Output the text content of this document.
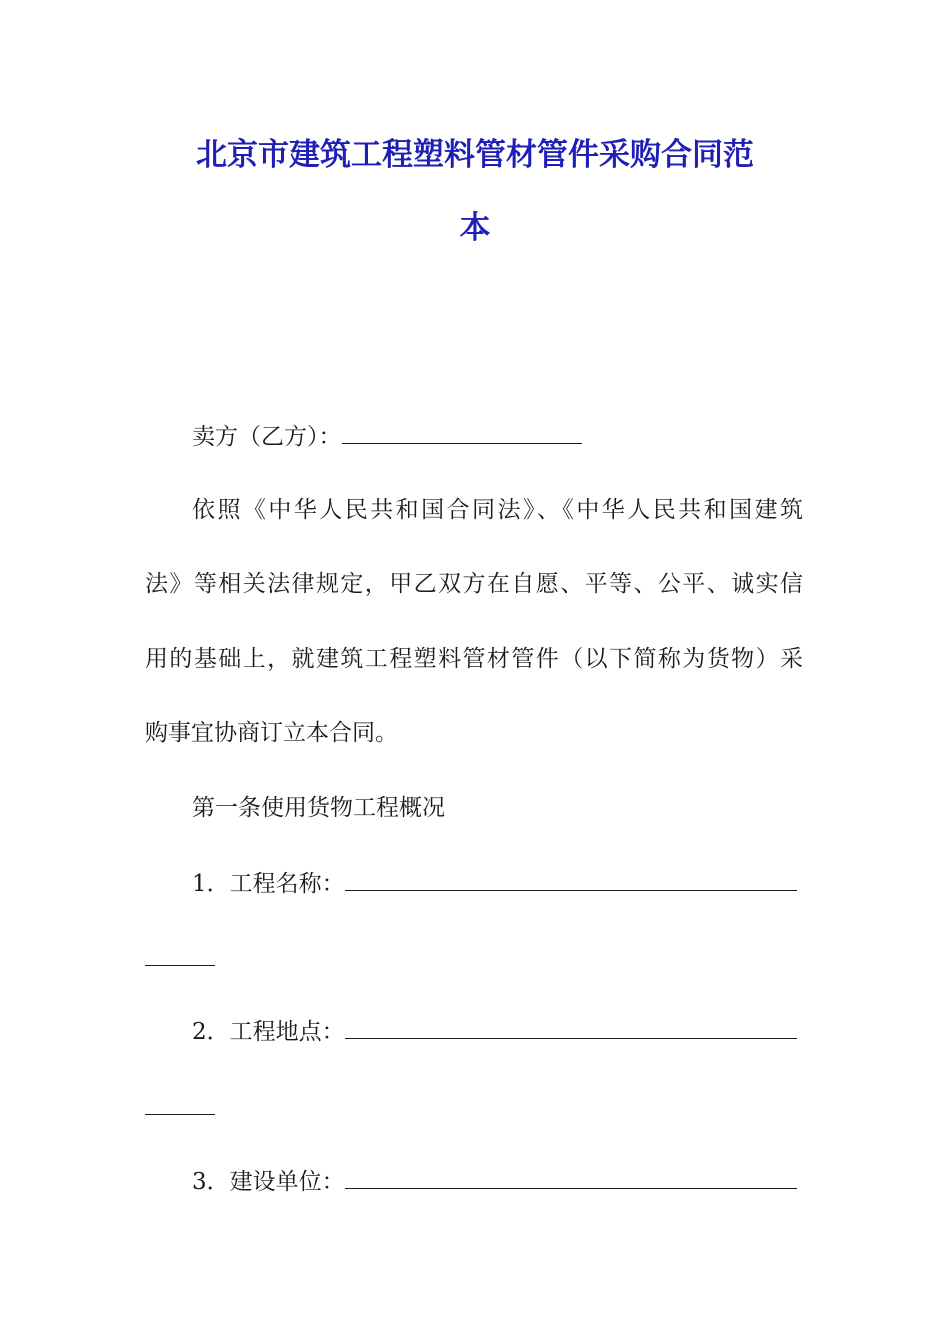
北京市建筑工程塑料管材管件采购合同范
本
卖方（乙方）：
依照《中华人民共和国合同法》、《中华人民共和国建筑
法》等相关法律规定，甲乙双方在自愿、平等、公平、诚实信
用的基础上，就建筑工程塑料管材管件（以下简称为货物）采
购事宜协商订立本合同。
第一条使用货物工程概况
1．工程名称：
2．工程地点：
3．建设单位：
